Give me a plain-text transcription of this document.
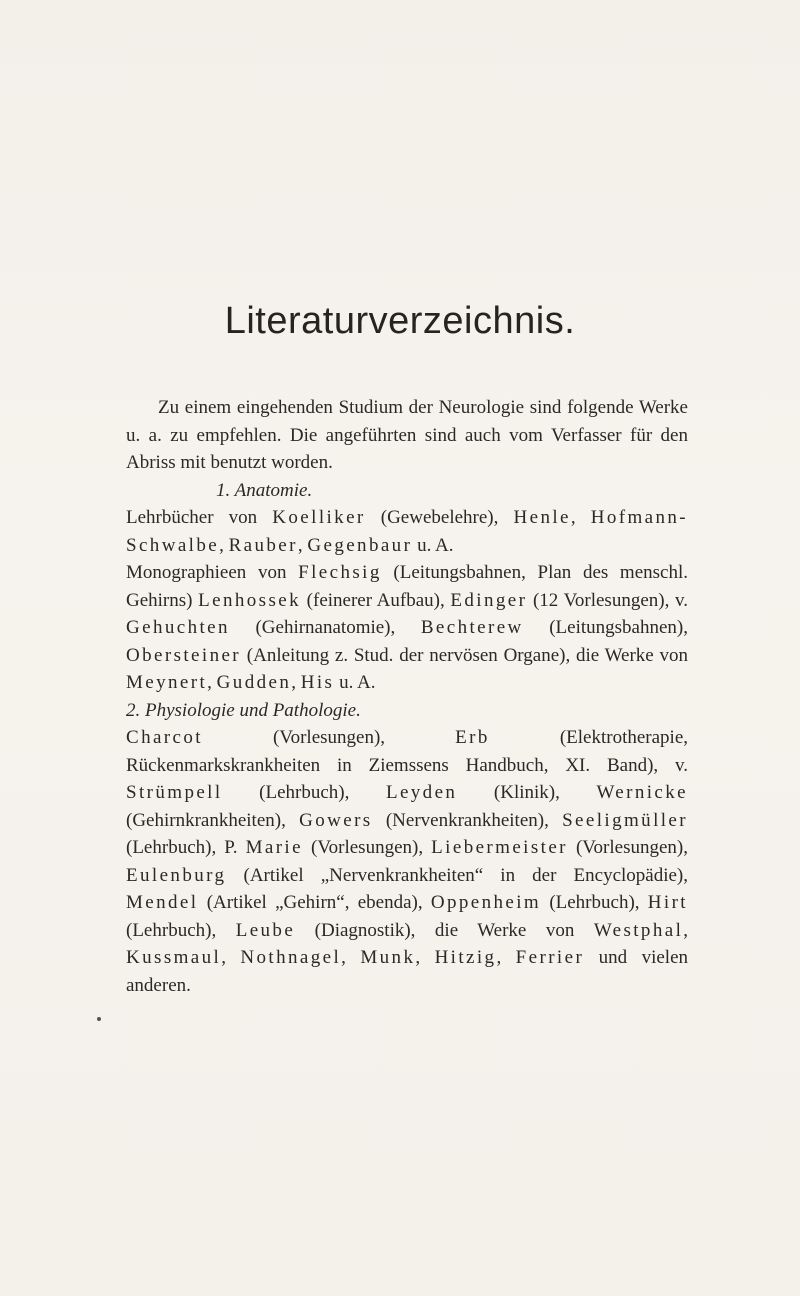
Literaturverzeichnis.

Zu einem eingehenden Studium der Neurologie sind folgende Werke u. a. zu empfehlen. Die angeführten sind auch vom Verfasser für den Abriss mit benutzt worden.

1. Anatomie.

Lehrbücher von Koelliker (Gewebelehre), Henle, Hofmann-Schwalbe, Rauber, Gegenbaur u. A.

Monographieen von Flechsig (Leitungsbahnen, Plan des menschl. Gehirns) Lenhossek (feinerer Aufbau), Edinger (12 Vorlesungen), v. Gehuchten (Gehirnanatomie), Bechterew (Leitungsbahnen), Obersteiner (Anleitung z. Stud. der nervösen Organe), die Werke von Meynert, Gudden, His u. A.

2. Physiologie und Pathologie.

Charcot (Vorlesungen), Erb (Elektrotherapie, Rückenmarkskrankheiten in Ziemssens Handbuch, XI. Band), v. Strümpell (Lehrbuch), Leyden (Klinik), Wernicke (Gehirnkrankheiten), Gowers (Nervenkrankheiten), Seeligmüller (Lehrbuch), P. Marie (Vorlesungen), Liebermeister (Vorlesungen), Eulenburg (Artikel „Nervenkrankheiten“ in der Encyclopädie), Mendel (Artikel „Gehirn“, ebenda), Oppenheim (Lehrbuch), Hirt (Lehrbuch), Leube (Diagnostik), die Werke von Westphal, Kussmaul, Nothnagel, Munk, Hitzig, Ferrier und vielen anderen.
